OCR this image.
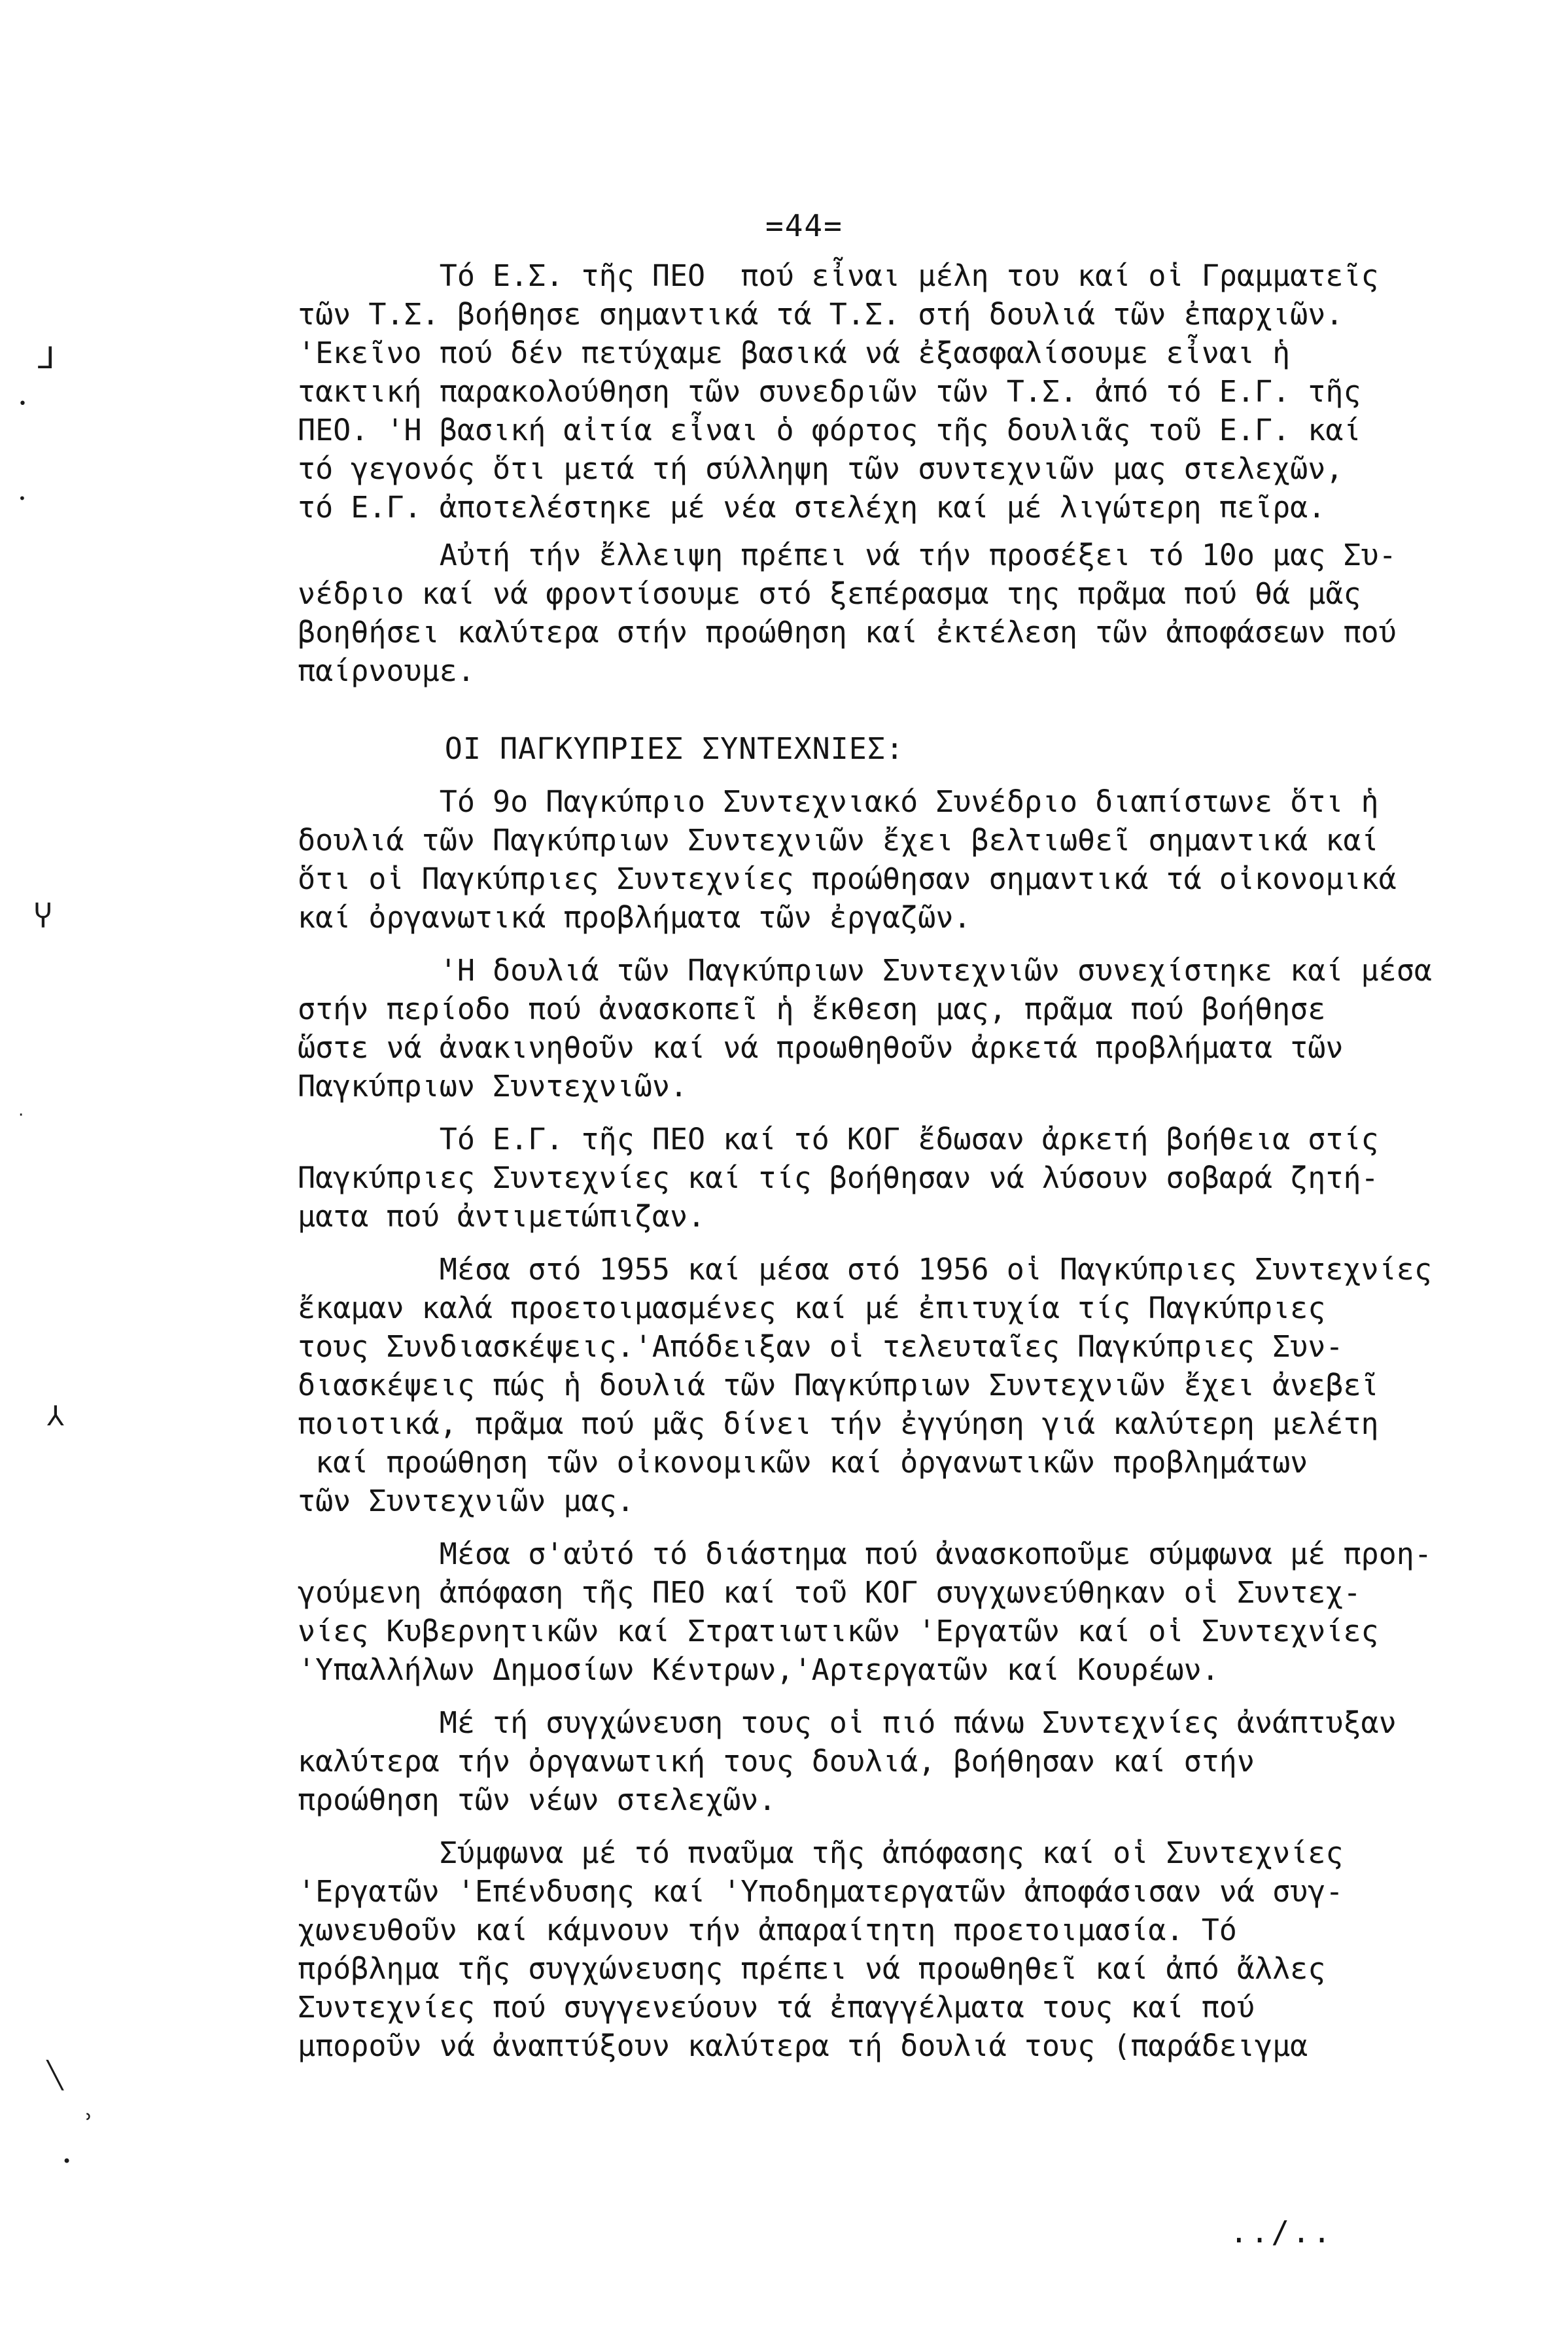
=44=
⅃
•
•
Ⴤ
·
⅄
╲
ʾ
•
Τό Ε.Σ. τῆς ΠΕΟ  πού εἶναι μέλη του καί οἱ Γραμματεῖς
τῶν Τ.Σ. βοήθησε σημαντικά τά Τ.Σ. στή δουλιά τῶν ἐπαρχιῶν.
'Εκεῖνο πού δέν πετύχαμε βασικά νά ἐξασφαλίσουμε εἶναι ἡ
τακτική παρακολούθηση τῶν συνεδριῶν τῶν Τ.Σ. ἀπό τό Ε.Γ. τῆς
ΠΕΟ. 'Η βασική αἰτία εἶναι ὁ φόρτος τῆς δουλιᾶς τοῦ Ε.Γ. καί
τό γεγονός ὅτι μετά τή σύλληψη τῶν συντεχνιῶν μας στελεχῶν,
τό Ε.Γ. ἀποτελέστηκε μέ νέα στελέχη καί μέ λιγώτερη πεῖρα.
Αὐτή τήν ἔλλειψη πρέπει νά τήν προσέξει τό 10ο μας Συ-
νέδριο καί νά φροντίσουμε στό ξεπέρασμα της πρᾶμα πού θά μᾶς
βοηθήσει καλύτερα στήν προώθηση καί ἐκτέλεση τῶν ἀποφάσεων πού
παίρνουμε.
ΟΙ ΠΑΓΚΥΠΡΙΕΣ ΣΥΝΤΕΧΝΙΕΣ:
Τό 9ο Παγκύπριο Συντεχνιακό Συνέδριο διαπίστωνε ὅτι ἡ
δουλιά τῶν Παγκύπριων Συντεχνιῶν ἔχει βελτιωθεῖ σημαντικά καί
ὅτι οἱ Παγκύπριες Συντεχνίες προώθησαν σημαντικά τά οἰκονομικά
καί ὀργανωτικά προβλήματα τῶν ἐργαζῶν.
'Η δουλιά τῶν Παγκύπριων Συντεχνιῶν συνεχίστηκε καί μέσα
στήν περίοδο πού ἀνασκοπεῖ ἡ ἔκθεση μας, πρᾶμα πού βοήθησε
ὥστε νά ἀνακινηθοῦν καί νά προωθηθοῦν ἀρκετά προβλήματα τῶν
Παγκύπριων Συντεχνιῶν.
Τό Ε.Γ. τῆς ΠΕΟ καί τό ΚΟΓ ἔδωσαν ἀρκετή βοήθεια στίς
Παγκύπριες Συντεχνίες καί τίς βοήθησαν νά λύσουν σοβαρά ζητή-
ματα πού ἀντιμετώπιζαν.
Μέσα στό 1955 καί μέσα στό 1956 οἱ Παγκύπριες Συντεχνίες
ἔκαμαν καλά προετοιμασμένες καί μέ ἐπιτυχία τίς Παγκύπριες
τους Συνδιασκέψεις.'Απόδειξαν οἱ τελευταῖες Παγκύπριες Συν-
διασκέψεις πώς ἡ δουλιά τῶν Παγκύπριων Συντεχνιῶν ἔχει ἀνεβεῖ
ποιοτικά, πρᾶμα πού μᾶς δίνει τήν ἐγγύηση γιά καλύτερη μελέτη
καί προώθηση τῶν οἰκονομικῶν καί ὀργανωτικῶν προβλημάτων
τῶν Συντεχνιῶν μας.
Μέσα σ'αὐτό τό διάστημα πού ἀνασκοποῦμε σύμφωνα μέ προη-
γούμενη ἀπόφαση τῆς ΠΕΟ καί τοῦ ΚΟΓ συγχωνεύθηκαν οἱ Συντεχ-
νίες Κυβερνητικῶν καί Στρατιωτικῶν 'Εργατῶν καί οἱ Συντεχνίες
'Υπαλλήλων Δημοσίων Κέντρων,'Αρτεργατῶν καί Κουρέων.
Μέ τή συγχώνευση τους οἱ πιό πάνω Συντεχνίες ἀνάπτυξαν
καλύτερα τήν ὀργανωτική τους δουλιά, βοήθησαν καί στήν
προώθηση τῶν νέων στελεχῶν.
Σύμφωνα μέ τό πναῦμα τῆς ἀπόφασης καί οἱ Συντεχνίες
'Εργατῶν 'Επένδυσης καί 'Υποδηματεργατῶν ἀποφάσισαν νά συγ-
χωνευθοῦν καί κάμνουν τήν ἀπαραίτητη προετοιμασία. Τό
πρόβλημα τῆς συγχώνευσης πρέπει νά προωθηθεῖ καί ἀπό ἄλλες
Συντεχνίες πού συγγενεύουν τά ἐπαγγέλματα τους καί πού
μποροῦν νά ἀναπτύξουν καλύτερα τή δουλιά τους (παράδειγμα
../..
